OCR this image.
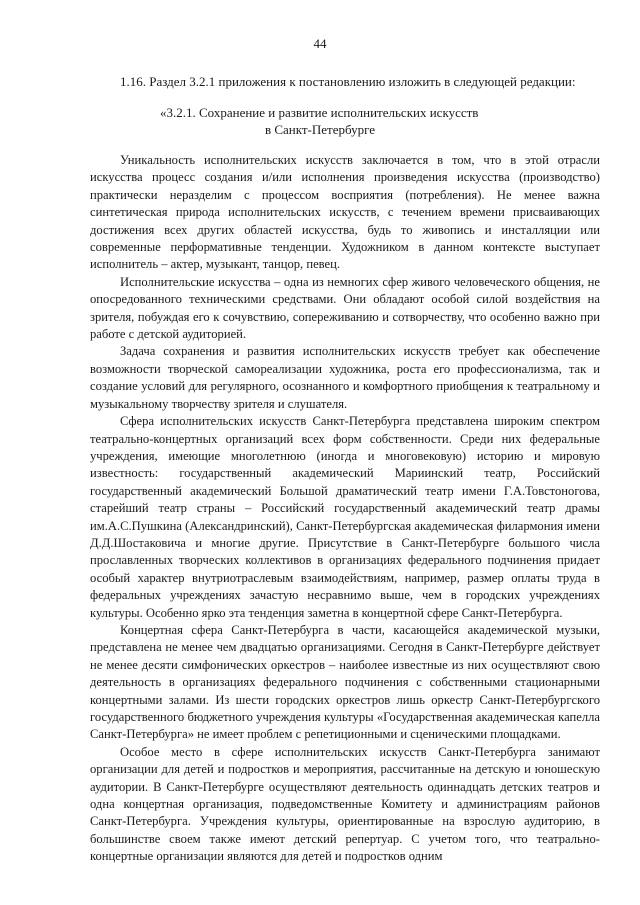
44
1.16. Раздел 3.2.1 приложения к постановлению изложить в следующей редакции:
«3.2.1. Сохранение и развитие исполнительских искусств
в Санкт-Петербурге

Уникальность исполнительских искусств заключается в том, что в этой отрасли искусства процесс создания и/или исполнения произведения искусства (производство) практически неразделим с процессом восприятия (потребления). Не менее важна синтетическая природа исполнительских искусств, с течением времени присваивающих достижения всех других областей искусства, будь то живопись и инсталляции или современные перформативные тенденции. Художником в данном контексте выступает исполнитель – актер, музыкант, танцор, певец.

Исполнительские искусства – одна из немногих сфер живого человеческого общения, не опосредованного техническими средствами. Они обладают особой силой воздействия на зрителя, побуждая его к сочувствию, сопереживанию и сотворчеству, что особенно важно при работе с детской аудиторией.

Задача сохранения и развития исполнительских искусств требует как обеспечение возможности творческой самореализации художника, роста его профессионализма, так и создание условий для регулярного, осознанного и комфортного приобщения к театральному и музыкальному творчеству зрителя и слушателя.

Сфера исполнительских искусств Санкт-Петербурга представлена широким спектром театрально-концертных организаций всех форм собственности. Среди них федеральные учреждения, имеющие многолетнюю (иногда и многовековую) историю и мировую известность: государственный академический Мариинский театр, Российский государственный академический Большой драматический театр имени Г.А.Товстоногова, старейший театр страны – Российский государственный академический театр драмы им.А.С.Пушкина (Александринский), Санкт-Петербургская академическая филармония имени Д.Д.Шостаковича и многие другие. Присутствие в Санкт-Петербурге большого числа прославленных творческих коллективов в организациях федерального подчинения придает особый характер внутриотраслевым взаимодействиям, например, размер оплаты труда в федеральных учреждениях зачастую несравнимо выше, чем в городских учреждениях культуры. Особенно ярко эта тенденция заметна в концертной сфере Санкт-Петербурга.

Концертная сфера Санкт-Петербурга в части, касающейся академической музыки, представлена не менее чем двадцатью организациями. Сегодня в Санкт-Петербурге действует не менее десяти симфонических оркестров – наиболее известные из них осуществляют свою деятельность в организациях федерального подчинения с собственными стационарными концертными залами. Из шести городских оркестров лишь оркестр Санкт-Петербургского государственного бюджетного учреждения культуры «Государственная академическая капелла Санкт-Петербурга» не имеет проблем с репетиционными и сценическими площадками.

Особое место в сфере исполнительских искусств Санкт-Петербурга занимают организации для детей и подростков и мероприятия, рассчитанные на детскую и юношескую аудитории. В Санкт-Петербурге осуществляют деятельность одиннадцать детских театров и одна концертная организация, подведомственные Комитету и администрациям районов Санкт-Петербурга. Учреждения культуры, ориентированные на взрослую аудиторию, в большинстве своем также имеют детский репертуар. С учетом того, что театрально-концертные организации являются для детей и подростков одним
